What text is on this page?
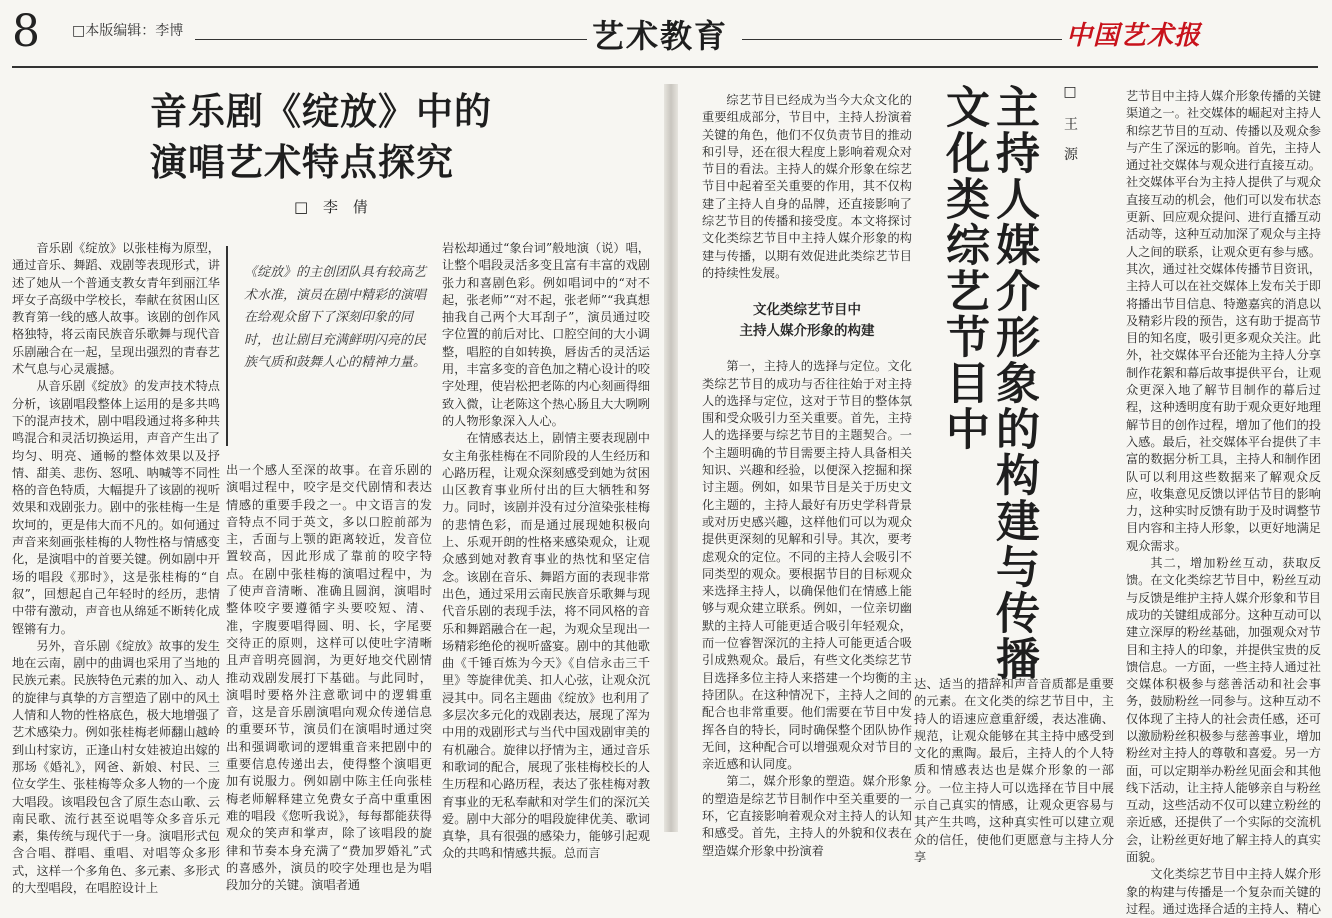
8 □本版编辑：李博	艺术教育	中国艺术报
音乐剧《绽放》中的
演唱艺术特点探究
□ 李 倩

音乐剧《绽放》以张桂梅为原型，通过音乐、舞蹈、戏剧等表现形式，讲述了她从一个普通支教女青年到丽江华坪女子高级中学校长，奉献在贫困山区教育第一线的感人故事。该剧的创作风格独特，将云南民族音乐歌舞与现代音乐剧融合在一起，呈现出强烈的青春艺术气息与心灵震撼。

从音乐剧《绽放》的发声技术特点分析，该剧唱段整体上运用的是多共鸣下的混声技术，剧中唱段通过将多种共鸣混合和灵活切换运用，声音产生出了均匀、明亮、通畅的整体效果以及抒情、甜美、悲伤、怒吼、呐喊等不同性格的音色特质，大幅提升了该剧的视听效果和戏剧张力。剧中的张桂梅一生是坎坷的，更是伟大而不凡的。如何通过声音来刻画张桂梅的人物性格与情感变化，是演唱中的首要关键。例如剧中开场的唱段《那时》，这是张桂梅的“自叙”，回想起自己年轻时的经历，悲情中带有激动，声音也从绵延不断转化成铿锵有力。

另外，音乐剧《绽放》故事的发生地在云南，剧中的曲调也采用了当地的民族元素。民族特色元素的加入、动人的旋律与真挚的方言塑造了剧中的风土人情和人物的性格底色，极大地增强了艺术感染力。例如张桂梅老师翻山越岭到山村家访，正逢山村女娃被迫出嫁的那场《婚礼》，网爸、新娘、村民、三位女学生、张桂梅等众多人物的一个庞大唱段。该唱段包含了原生态山歌、云南民歌、流行甚至说唱等众多音乐元素，集传统与现代于一身。演唱形式包含合唱、群唱、重唱、对唱等众多形式，这样一个多角色、多元素、多形式的大型唱段，在唱腔设计上

《绽放》的主创团队具有较高艺术水准，演员在剧中精彩的演唱在给观众留下了深刻印象的同时，也让剧目充满鲜明闪亮的民族气质和鼓舞人心的精神力量。

出一个感人至深的故事。在音乐剧的演唱过程中，咬字是交代剧情和表达情感的重要手段之一。中文语言的发音特点不同于英文，多以口腔前部为主，舌面与上颚的距离较近，发音位置较高，因此形成了靠前的咬字特点。在剧中张桂梅的演唱过程中，为了使声音清晰、准确且圆润，演唱时整体咬字要遵循字头要咬短、清、准，字腹要唱得圆、明、长，字尾要交待正的原则，这样可以使吐字清晰且声音明亮圆润，为更好地交代剧情推动戏剧发展打下基础。与此同时，演唱时要格外注意歌词中的逻辑重音，这是音乐剧演唱向观众传递信息的重要环节，演员们在演唱时通过突出和强调歌词的逻辑重音来把剧中的重要信息传递出去，使得整个演唱更加有说服力。例如剧中陈主任向张桂梅老师解释建立免费女子高中重重困难的唱段《您听我说》，每每都能获得观众的笑声和掌声，除了该唱段的旋律和节奏本身充满了“费加罗婚礼”式的喜感外，演员的咬字处理也是为唱段加分的关键。演唱者通

岩松却通过“象台词”般地演（说）唱，让整个唱段灵活多变且富有丰富的戏剧张力和喜剧色彩。例如唱词中的“对不起，张老师”“对不起，张老师”“我真想抽我自己两个大耳刮子”，演员通过咬字位置的前后对比、口腔空间的大小调整，唱腔的自如转换，唇齿舌的灵活运用，丰富多变的音色加之精心设计的咬字处理，使岩松把老陈的内心刻画得细致入微，让老陈这个热心肠且大大咧咧的人物形象深入人心。

在情感表达上，剧情主要表现剧中女主角张桂梅在不同阶段的人生经历和心路历程，让观众深刻感受到她为贫困山区教育事业所付出的巨大牺牲和努力。同时，该剧并没有过分渲染张桂梅的悲情色彩，而是通过展现她积极向上、乐观开朗的性格来感染观众，让观众感到她对教育事业的热忱和坚定信念。该剧在音乐、舞蹈方面的表现非常出色，通过采用云南民族音乐歌舞与现代音乐剧的表现手法，将不同风格的音乐和舞蹈融合在一起，为观众呈现出一场精彩绝伦的视听盛宴。剧中的其他歌曲《千锤百炼为今天》《自信永击三千里》等旋律优美、扣人心弦，让观众沉浸其中。同名主题曲《绽放》也利用了多层次多元化的戏剧表达，展现了浑为中用的戏剧形式与当代中国戏剧审美的有机融合。旋律以抒情为主，通过音乐和歌词的配合，展现了张桂梅校长的人生历程和心路历程，表达了张桂梅对教育事业的无私奉献和对学生们的深沉关爱。剧中大部分的唱段旋律优美、歌词真挚，具有很强的感染力，能够引起观众的共鸣和情感共振。总而言

综艺节目已经成为当今大众文化的重要组成部分，节目中，主持人扮演着关键的角色，他们不仅负责节目的推动和引导，还在很大程度上影响着观众对节目的看法。主持人的媒介形象在综艺节目中起着至关重要的作用，其不仅构建了主持人自身的品牌，还直接影响了综艺节目的传播和接受度。本文将探讨文化类综艺节目中主持人媒介形象的构建与传播，以期有效促进此类综艺节目的持续性发展。

文化类综艺节目中
主持人媒介形象的构建

第一，主持人的选择与定位。文化类综艺节目的成功与否往往始于对主持人的选择与定位，这对于节目的整体氛围和受众吸引力至关重要。首先，主持人的选择要与综艺节目的主题契合。一个主题明确的节目需要主持人具备相关知识、兴趣和经验，以便深入挖掘和探讨主题。例如，如果节目是关于历史文化主题的，主持人最好有历史学科背景或对历史感兴趣，这样他们可以为观众提供更深刻的见解和引导。其次，要考虑观众的定位。不同的主持人会吸引不同类型的观众。要根据节目的目标观众来选择主持人，以确保他们在情感上能够与观众建立联系。例如，一位亲切幽默的主持人可能更适合吸引年轻观众，而一位睿智深沉的主持人可能更适合吸引成熟观众。最后，有些文化类综艺节目选择多位主持人来搭建一个均衡的主持团队。在这种情况下，主持人之间的配合也非常重要。他们需要在节目中发挥各自的特长，同时确保整个团队协作无间，这种配合可以增强观众对节目的亲近感和认同度。

第二，媒介形象的塑造。媒介形象的塑造是综艺节目制作中至关重要的一环，它直接影响着观众对主持人的认知和感受。首先，主持人的外貌和仪表在塑造媒介形象中扮演着

主持人媒介形象的构建与传播
文化类综艺节目中	□ 王 源

达、适当的措辞和声音音质都是重要的元素。在文化类的综艺节目中，主持人的语速应意重舒缓，表达准确、规范，让观众能够在其主持中感受到文化的熏陶。最后，主持人的个人特质和情感表达也是媒介形象的一部分。一位主持人可以选择在节目中展示自己真实的情感，让观众更容易与其产生共鸣，这种真实性可以建立观众的信任，使他们更愿意与主持人分享

艺节目中主持人媒介形象传播的关键渠道之一。社交媒体的崛起对主持人和综艺节目的互动、传播以及观众参与产生了深远的影响。首先，主持人通过社交媒体与观众进行直接互动。社交媒体平台为主持人提供了与观众直接互动的机会，他们可以发布状态更新、回应观众提问、进行直播互动活动等，这种互动加深了观众与主持人之间的联系，让观众更有参与感。其次，通过社交媒体传播节目资讯，主持人可以在社交媒体上发布关于即将播出节目信息、特邀嘉宾的消息以及精彩片段的预告，这有助于提高节目的知名度，吸引更多观众关注。此外，社交媒体平台还能为主持人分享制作花絮和幕后故事提供平台，让观众更深入地了解节目制作的幕后过程，这种透明度有助于观众更好地理解节目的创作过程，增加了他们的投入感。最后，社交媒体平台提供了丰富的数据分析工具，主持人和制作团队可以利用这些数据来了解观众反应，收集意见反馈以评估节目的影响力，这种实时反馈有助于及时调整节目内容和主持人形象，以更好地满足观众需求。

其二，增加粉丝互动，获取反馈。在文化类综艺节目中，粉丝互动与反馈是维护主持人媒介形象和节目成功的关键组成部分。这种互动可以建立深厚的粉丝基础，加强观众对节目和主持人的印象，并提供宝贵的反馈信息。一方面，一些主持人通过社交媒体积极参与慈善活动和社会事务，鼓励粉丝一同参与。这种互动不仅体现了主持人的社会责任感，还可以激励粉丝积极参与慈善事业，增加粉丝对主持人的尊敬和喜爱。另一方面，可以定期举办粉丝见面会和其他线下活动，让主持人能够亲自与粉丝互动，这些活动不仅可以建立粉丝的亲近感，还提供了一个实际的交流机会，让粉丝更好地了解主持人的真实面貌。

文化类综艺节目中主持人媒介形象的构建与传播是一个复杂而关键的过程。通过选择合适的主持人、精心
